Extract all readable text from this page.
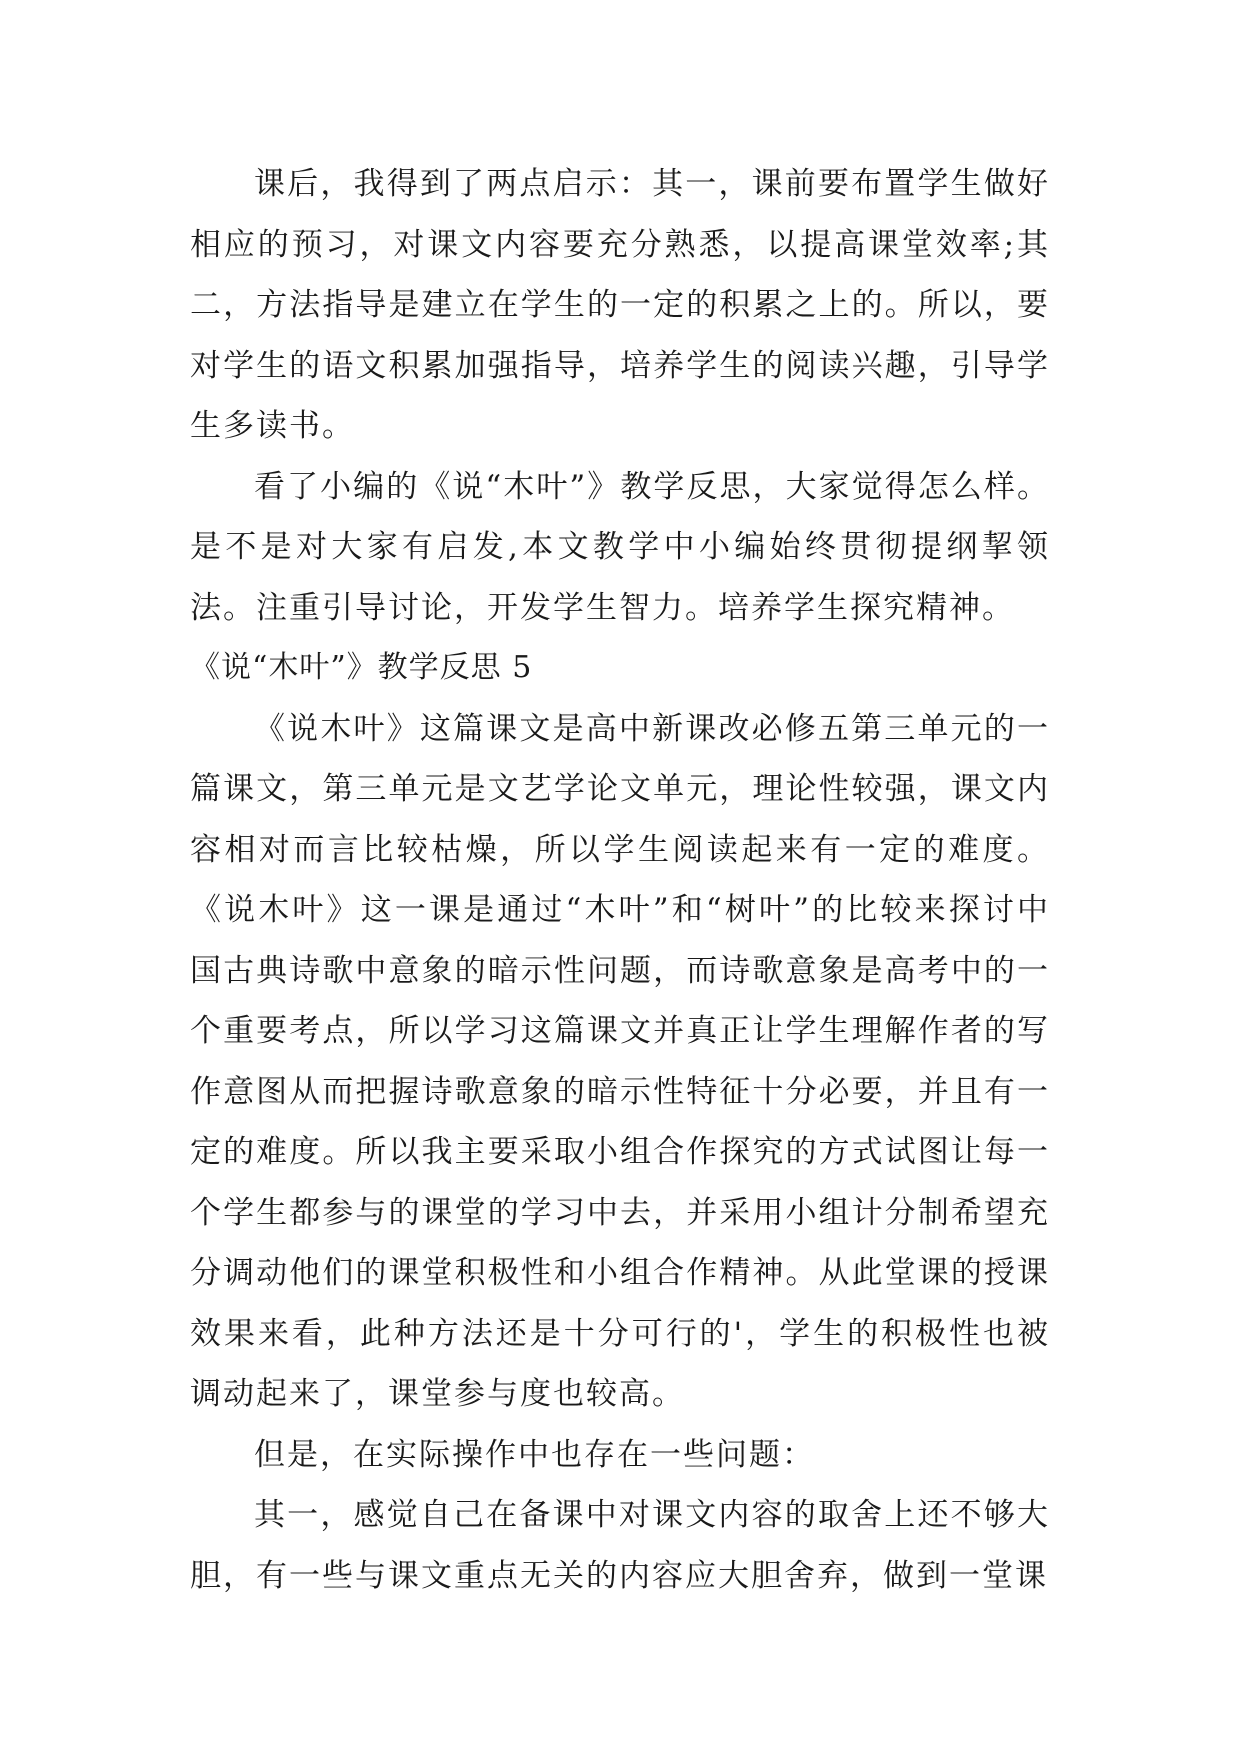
课后，我得到了两点启示：其一，课前要布置学生做好相应的预习，对课文内容要充分熟悉，以提高课堂效率;其二，方法指导是建立在学生的一定的积累之上的。所以，要对学生的语文积累加强指导，培养学生的阅读兴趣，引导学生多读书。

看了小编的《说“木叶”》教学反思，大家觉得怎么样。是不是对大家有启发,本文教学中小编始终贯彻提纲挈领法。注重引导讨论，开发学生智力。培养学生探究精神。

《说“木叶”》教学反思 5

《说木叶》这篇课文是高中新课改必修五第三单元的一篇课文，第三单元是文艺学论文单元，理论性较强，课文内容相对而言比较枯燥，所以学生阅读起来有一定的难度。《说木叶》这一课是通过“木叶”和“树叶”的比较来探讨中国古典诗歌中意象的暗示性问题，而诗歌意象是高考中的一个重要考点，所以学习这篇课文并真正让学生理解作者的写作意图从而把握诗歌意象的暗示性特征十分必要，并且有一定的难度。所以我主要采取小组合作探究的方式试图让每一个学生都参与的课堂的学习中去，并采用小组计分制希望充分调动他们的课堂积极性和小组合作精神。从此堂课的授课效果来看，此种方法还是十分可行的'，学生的积极性也被调动起来了，课堂参与度也较高。

但是，在实际操作中也存在一些问题：

其一，感觉自己在备课中对课文内容的取舍上还不够大胆，有一些与课文重点无关的内容应大胆舍弃，做到一堂课
